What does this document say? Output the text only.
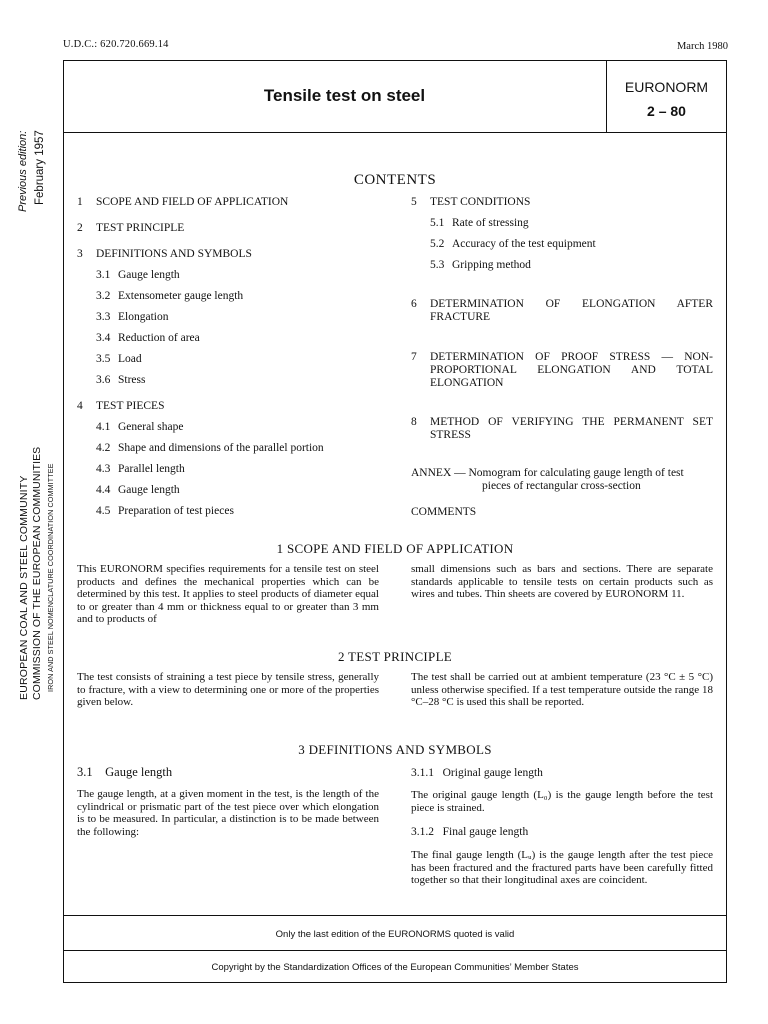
U.D.C.: 620.720.669.14	March 1980
Tensile test on steel	EURONORM
2 – 80
Previous edition: February 1957
EUROPEAN COAL AND STEEL COMMUNITY COMMISSION OF THE EUROPEAN COMMUNITIES IRON AND STEEL NOMENCLATURE COORDINATION COMMITTEE
CONTENTS
1 SCOPE AND FIELD OF APPLICATION
2 TEST PRINCIPLE
3 DEFINITIONS AND SYMBOLS
3.1 Gauge length
3.2 Extensometer gauge length
3.3 Elongation
3.4 Reduction of area
3.5 Load
3.6 Stress
4 TEST PIECES
4.1 General shape
4.2 Shape and dimensions of the parallel portion
4.3 Parallel length
4.4 Gauge length
4.5 Preparation of test pieces
5 TEST CONDITIONS
5.1 Rate of stressing
5.2 Accuracy of the test equipment
5.3 Gripping method
6	DETERMINATION OF ELONGATION AFTER FRACTURE
7	DETERMINATION OF PROOF STRESS — NON-PROPORTIONAL ELONGATION AND TOTAL ELONGATION
8	METHOD OF VERIFYING THE PERMANENT SET STRESS
ANNEX — Nomogram for calculating gauge length of test pieces of rectangular cross-section
COMMENTS
1 SCOPE AND FIELD OF APPLICATION
This EURONORM specifies requirements for a tensile test on steel products and defines the mechanical properties which can be determined by this test. It applies to steel products of diameter equal to or greater than 4 mm or thickness equal to or greater than 3 mm and to products of
small dimensions such as bars and sections. There are separate standards applicable to tensile tests on certain products such as wires and tubes. Thin sheets are covered by EURONORM 11.
2 TEST PRINCIPLE
The test consists of straining a test piece by tensile stress, generally to fracture, with a view to determining one or more of the properties given below.
The test shall be carried out at ambient temperature (23 °C ± 5 °C) unless otherwise specified. If a test temperature outside the range 18 °C–28 °C is used this shall be reported.
3 DEFINITIONS AND SYMBOLS
3.1    Gauge length
The gauge length, at a given moment in the test, is the length of the cylindrical or prismatic part of the test piece over which elongation is to be measured. In particular, a distinction is to be made between the following:
3.1.1   Original gauge length
The original gauge length (L₀) is the gauge length before the test piece is strained.
3.1.2   Final gauge length
The final gauge length (Lᵤ) is the gauge length after the test piece has been fractured and the fractured parts have been carefully fitted together so that their longitudinal axes are coincident.
Only the last edition of the EURONORMS quoted is valid
Copyright by the Standardization Offices of the European Communities’ Member States
